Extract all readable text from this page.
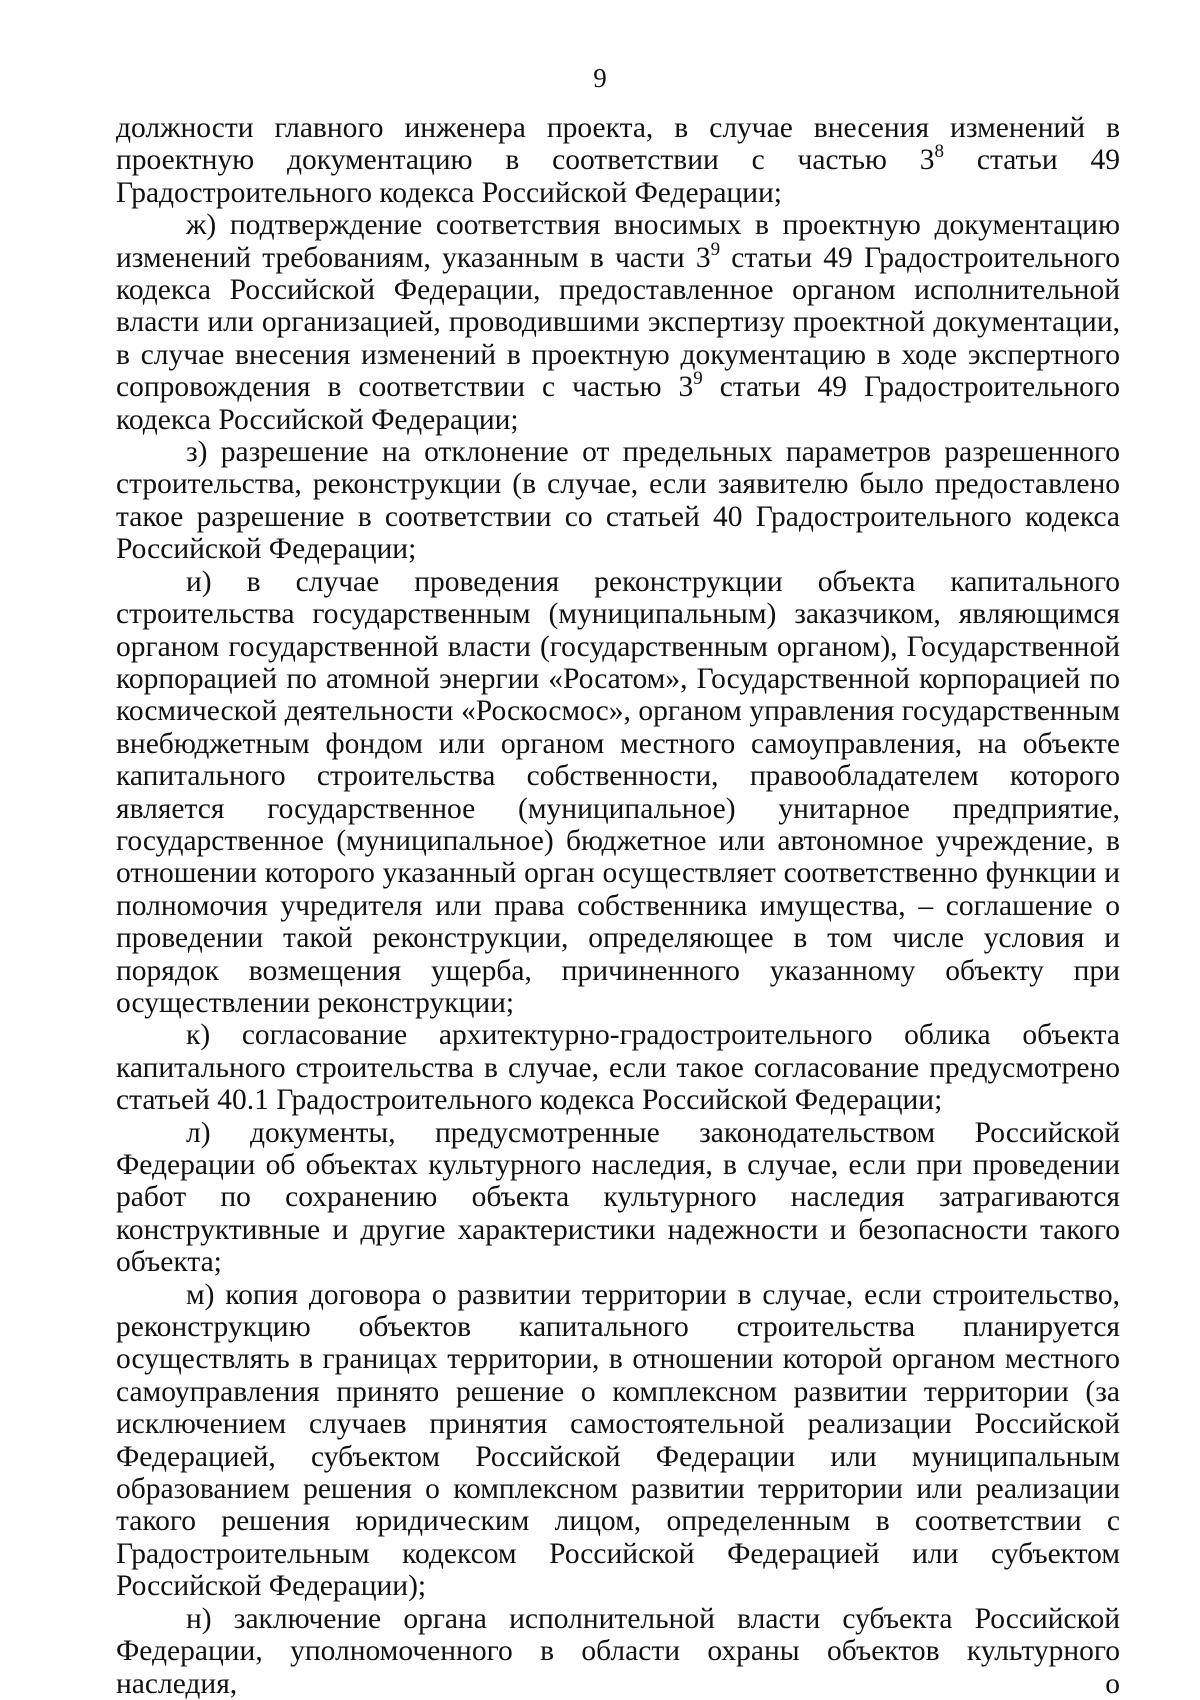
9

должности главного инженера проекта, в случае внесения изменений в проектную документацию в соответствии с частью $3^8$ статьи 49 Градостроительного кодекса Российской Федерации;

ж) подтверждение соответствия вносимых в проектную документацию изменений требованиям, указанным в части $3^9$ статьи 49 Градостроительного кодекса Российской Федерации, предоставленное органом исполнительной власти или организацией, проводившими экспертизу проектной документации, в случае внесения изменений в проектную документацию в ходе экспертного сопровождения в соответствии с частью $3^9$ статьи 49 Градостроительного кодекса Российской Федерации;

з) разрешение на отклонение от предельных параметров разрешенного строительства, реконструкции (в случае, если заявителю было предоставлено такое разрешение в соответствии со статьей 40 Градостроительного кодекса Российской Федерации;

и) в случае проведения реконструкции объекта капитального строительства государственным (муниципальным) заказчиком, являющимся органом государственной власти (государственным органом), Государственной корпорацией по атомной энергии «Росатом», Государственной корпорацией по космической деятельности «Роскосмос», органом управления государственным внебюджетным фондом или органом местного самоуправления, на объекте капитального строительства собственности, правообладателем которого является государственное (муниципальное) унитарное предприятие, государственное (муниципальное) бюджетное или автономное учреждение, в отношении которого указанный орган осуществляет соответственно функции и полномочия учредителя или права собственника имущества, – соглашение о проведении такой реконструкции, определяющее в том числе условия и порядок возмещения ущерба, причиненного указанному объекту при осуществлении реконструкции;

к) согласование архитектурно-градостроительного облика объекта капитального строительства в случае, если такое согласование предусмотрено статьей 40.1 Градостроительного кодекса Российской Федерации;

л) документы, предусмотренные законодательством Российской Федерации об объектах культурного наследия, в случае, если при проведении работ по сохранению объекта культурного наследия затрагиваются конструктивные и другие характеристики надежности и безопасности такого объекта;

м) копия договора о развитии территории в случае, если строительство, реконструкцию объектов капитального строительства планируется осуществлять в границах территории, в отношении которой органом местного самоуправления принято решение о комплексном развитии территории (за исключением случаев принятия самостоятельной реализации Российской Федерацией, субъектом Российской Федерации или муниципальным образованием решения о комплексном развитии территории или реализации такого решения юридическим лицом, определенным в соответствии с Градостроительным кодексом Российской Федерацией или субъектом Российской Федерации);

н) заключение органа исполнительной власти субъекта Российской Федерации, уполномоченного в области охраны объектов культурного наследия, о
